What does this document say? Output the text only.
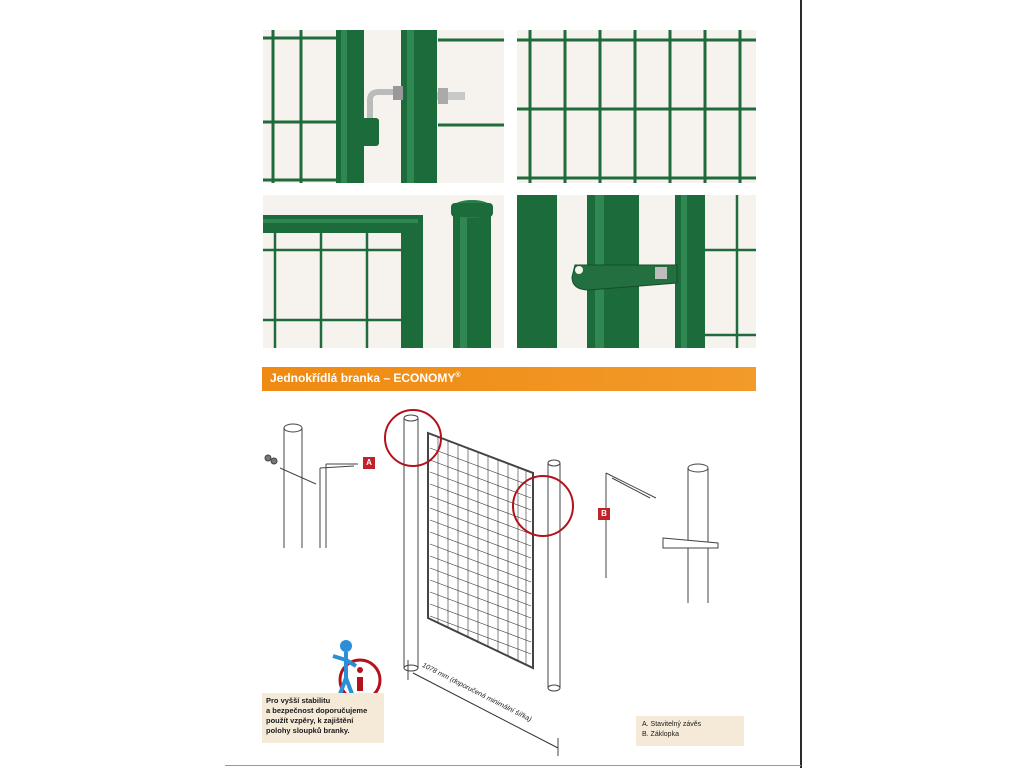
Jednokřídlá branka – ECONOMY®
A
B
1078 mm (doporučená minimální šířka)
Pro vyšší stabilitu
a bezpečnost doporučujeme
použít vzpěry, k zajištění
polohy sloupků branky.
A. Stavitelný závěs
B. Záklopka
